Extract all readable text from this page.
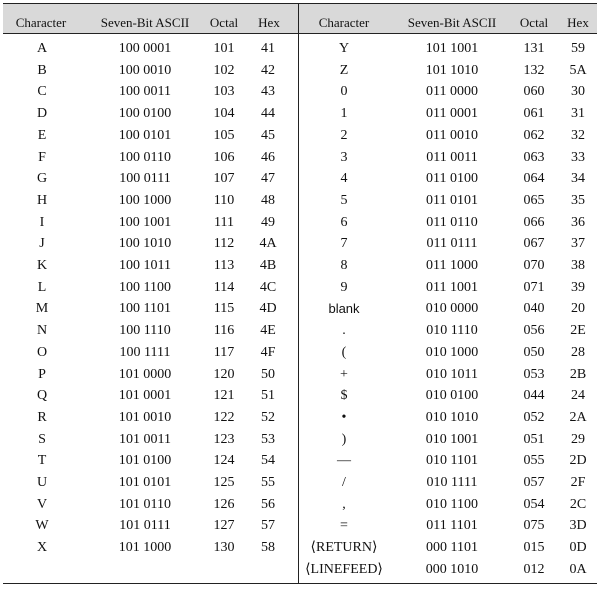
Character	Seven-Bit ASCII Octal Hex	Character	Seven-Bit ASCII Octal Hex
A	100 0001	101 41
B	100 0010	102 42
C	100 0011	103 43
D	100 0100	104 44
E	100 0101	105 45
F	100 0110	106 46
G	100 0111	107 47
H	100 1000	110 48
I	100 1001	111 49
J	100 1010	112 4A
K	100 1011	113 4B
L	100 1100	114 4C
M	100 1101	115 4D
N	100 1110	116 4E
O	100 1111	117 4F
P	101 0000	120 50
Q	101 0001	121 51
R	101 0010	122 52
S	101 0011	123 53
T	101 0100	124 54
U	101 0101	125 55
V	101 0110	126 56
W	101 0111	127 57
X	101 1000	130 58
Y	101 1001	131 59
Z	101 1010	132 5A
0	011 0000	060 30
1	011 0001	061 31
2	011 0010	062 32
3	011 0011	063 33
4	011 0100	064 34
5	011 0101	065 35
6	011 0110	066 36
7	011 0111	067 37
8	011 1000	070 38
9	011 1001	071 39
blank	010 0000	040 20
.	010 1110	056 2E
(	010 1000	050 28
+	010 1011	053 2B
$	010 0100	044 24
•	010 1010	052 2A
)	010 1001	051 29
—	010 1101	055 2D
/	010 1111	057 2F
,	010 1100	054 2C
=	011 1101	075 3D
⟨RETURN⟩	000 1101	015 0D
⟨LINEFEED⟩	000 1010	012 0A
